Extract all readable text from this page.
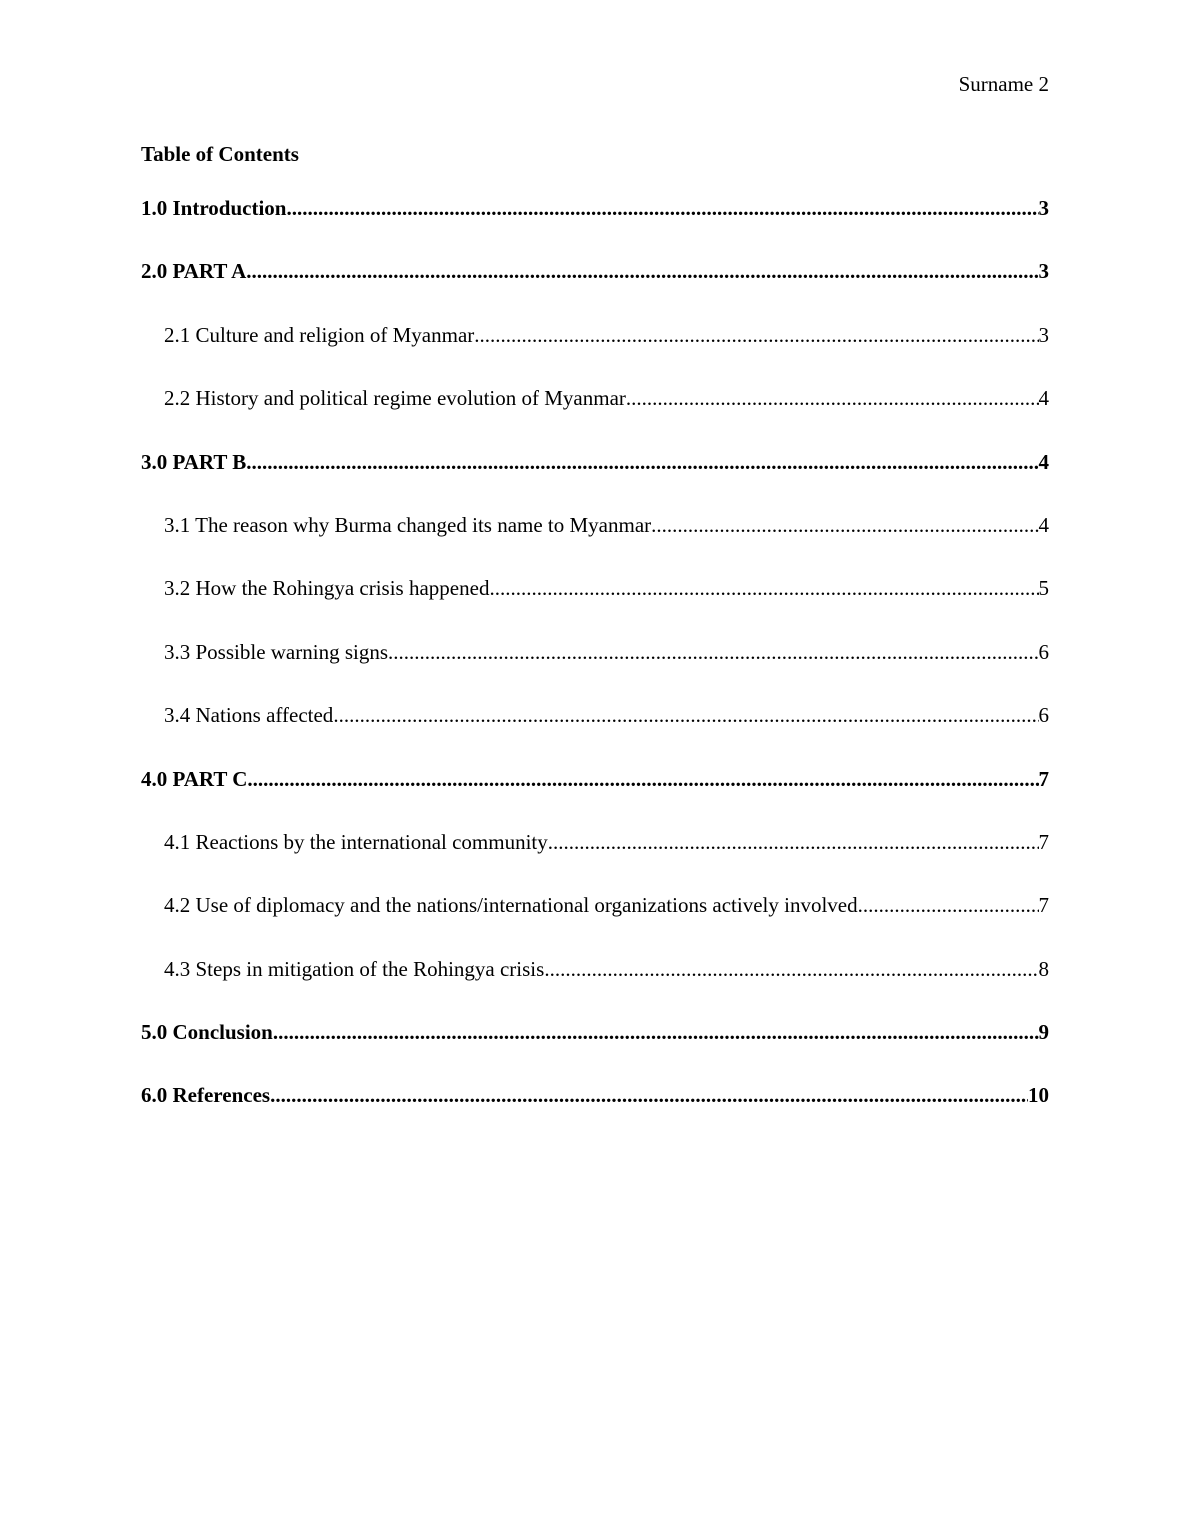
Surname 2
Table of Contents
1.0 Introduction .....	3
2.0 PART A .....	3
2.1 Culture and religion of Myanmar .....	3
2.2 History and political regime evolution of Myanmar .....	4
3.0 PART B .....	4
3.1 The reason why Burma changed its name to Myanmar .....	4
3.2 How the Rohingya crisis happened .....	5
3.3 Possible warning signs .....	6
3.4 Nations affected .....	6
4.0 PART C .....	7
4.1 Reactions by the international community .....	7
4.2 Use of diplomacy and the nations/international organizations actively involved .....	7
4.3 Steps in mitigation of the Rohingya crisis .....	8
5.0 Conclusion .....	9
6.0 References .....	10
